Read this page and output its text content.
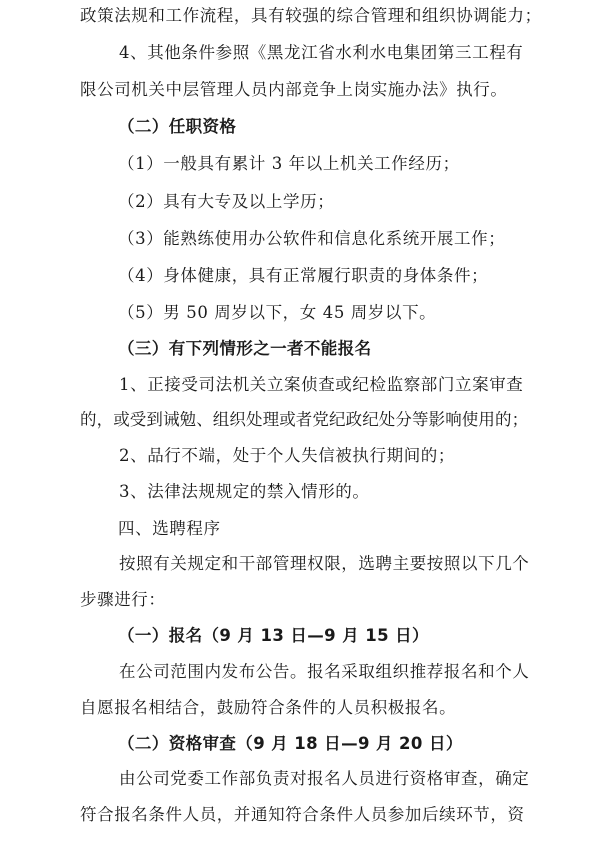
政策法规和工作流程，具有较强的综合管理和组织协调能力；
4、其他条件参照《黑龙江省水利水电集团第三工程有
限公司机关中层管理人员内部竞争上岗实施办法》执行。
（二）任职资格
（1）一般具有累计 3 年以上机关工作经历；
（2）具有大专及以上学历；
（3）能熟练使用办公软件和信息化系统开展工作；
（4）身体健康，具有正常履行职责的身体条件；
（5）男 50 周岁以下，女 45 周岁以下。
（三）有下列情形之一者不能报名
1、正接受司法机关立案侦查或纪检监察部门立案审查
的，或受到诫勉、组织处理或者党纪政纪处分等影响使用的；
2、品行不端，处于个人失信被执行期间的；
3、法律法规规定的禁入情形的。
四、选聘程序
按照有关规定和干部管理权限，选聘主要按照以下几个
步骤进行：
（一）报名（9 月 13 日—9 月 15 日）
在公司范围内发布公告。报名采取组织推荐报名和个人
自愿报名相结合，鼓励符合条件的人员积极报名。
（二）资格审查（9 月 18 日—9 月 20 日）
由公司党委工作部负责对报名人员进行资格审查，确定
符合报名条件人员，并通知符合条件人员参加后续环节，资
